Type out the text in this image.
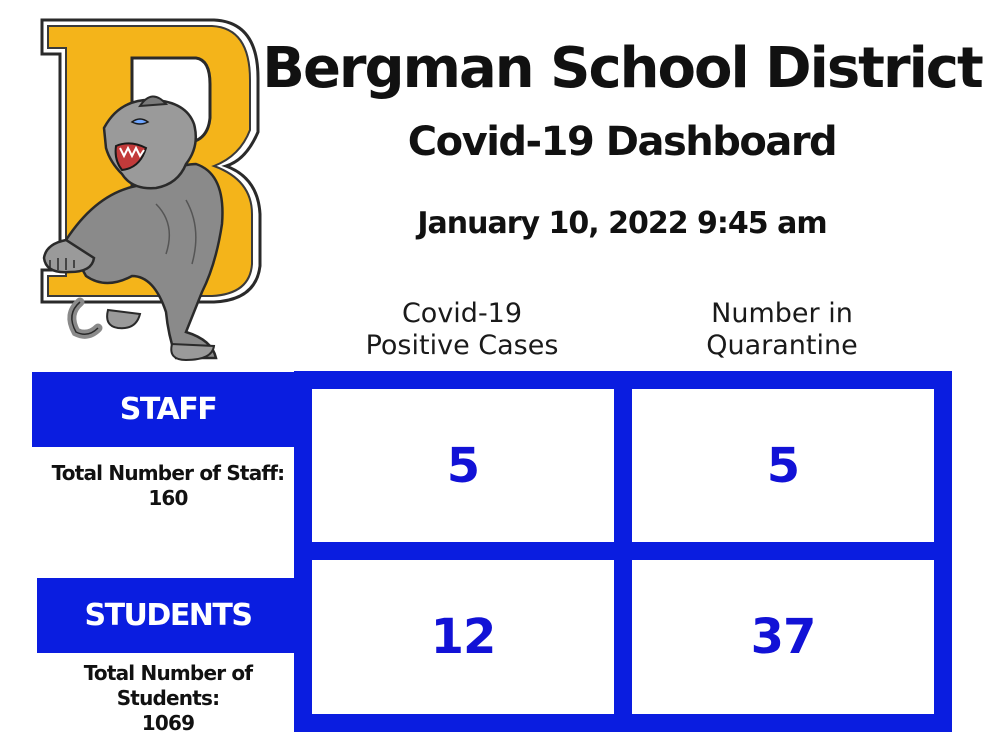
Bergman School District
Covid-19 Dashboard
January 10, 2022 9:45 am
Covid-19
Positive Cases
Number in
Quarantine
5	5
12	37
STAFF
Total Number of Staff:
160
STUDENTS
Total Number of
Students:
1069
